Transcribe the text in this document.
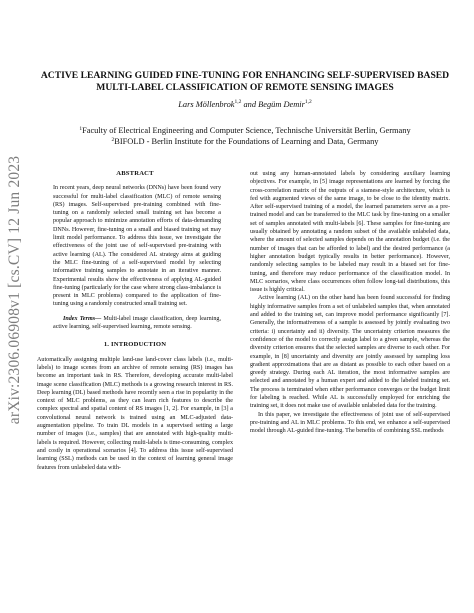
arXiv:2306.06908v1 [cs.CV] 12 Jun 2023
ACTIVE LEARNING GUIDED FINE-TUNING FOR ENHANCING SELF-SUPERVISED BASED MULTI-LABEL CLASSIFICATION OF REMOTE SENSING IMAGES
Lars Möllenbrok$^{1,2}$ and Begüm Demir$^{1,2}$
$^1$Faculty of Electrical Engineering and Computer Science, Technische Universität Berlin, Germany
$^2$BIFOLD - Berlin Institute for the Foundations of Learning and Data, Germany
ABSTRACT

In recent years, deep neural networks (DNNs) have been found very successful for multi-label classification (MLC) of remote sensing (RS) images. Self-supervised pre-training combined with fine-tuning on a randomly selected small training set has become a popular approach to minimize annotation efforts of data-demanding DNNs. However, fine-tuning on a small and biased training set may limit model performance. To address this issue, we investigate the effectiveness of the joint use of self-supervised pre-training with active learning (AL). The considered AL strategy aims at guiding the MLC fine-tuning of a self-supervised model by selecting informative training samples to annotate in an iterative manner. Experimental results show the effectiveness of applying AL-guided fine-tuning (particularly for the case where strong class-imbalance is present in MLC problems) compared to the application of fine-tuning using a randomly constructed small training set.

Index Terms— Multi-label image classification, deep learning, active learning, self-supervised learning, remote sensing.

1. INTRODUCTION

Automatically assigning multiple land-use land-cover class labels (i.e., multi-labels) to image scenes from an archive of remote sensing (RS) images has become an important task in RS. Therefore, developing accurate multi-label image scene classification (MLC) methods is a growing research interest in RS. Deep learning (DL) based methods have recently seen a rise in popularity in the context of MLC problems, as they can learn rich features to describe the complex spectral and spatial content of RS images [1, 2]. For example, in [3] a convolutional neural network is trained using an MLC-adjusted data-augmentation pipeline. To train DL models in a supervised setting a large number of images (i.e., samples) that are annotated with high-quality multi-labels is required. However, collecting multi-labels is time-consuming, complex and costly in operational scenarios [4]. To address this issue self-supervised learning (SSL) methods can be used in the context of learning general image features from unlabeled data with-

out using any human-annotated labels by considering auxiliary learning objectives. For example, in [5] image representations are learned by forcing the cross-correlation matrix of the outputs of a siamese-style architecture, which is fed with augmented views of the same image, to be close to the identity matrix. After self-supervised training of a model, the learned parameters serve as a pre-trained model and can be transferred to the MLC task by fine-tuning on a smaller set of samples annotated with multi-labels [6]. These samples for fine-tuning are usually obtained by annotating a random subset of the available unlabeled data, where the amount of selected samples depends on the annotation budget (i.e. the number of images that can be afforded to label) and the desired performance (a higher annotation budget typically results in better performance). However, randomly selecting samples to be labeled may result in a biased set for fine-tuning, and therefore may reduce performance of the classification model. In MLC scenarios, where class occurrences often follow long-tail distributions, this issue is highly critical.

Active learning (AL) on the other hand has been found successful for finding highly informative samples from a set of unlabeled samples that, when annotated and added to the training set, can improve model performance significantly [7]. Generally, the informativeness of a sample is assessed by jointly evaluating two criteria: i) uncertainty and ii) diversity. The uncertainty criterion measures the confidence of the model to correctly assign label to a given sample, whereas the diversity criterion ensures that the selected samples are diverse to each other. For example, in [8] uncertainty and diversity are jointly assessed by sampling loss gradient approximations that are as distant as possible to each other based on a greedy strategy. During each AL iteration, the most informative samples are selected and annotated by a human expert and added to the labeled training set. The process is terminated when either performance converges or the budget limit for labeling is reached. While AL is successfully employed for enriching the training set, it does not make use of available unlabeled data for the training.

In this paper, we investigate the effectiveness of joint use of self-supervised pre-training and AL in MLC problems. To this end, we enhance a self-supervised model through AL-guided fine-tuning. The benefits of combining SSL methods
